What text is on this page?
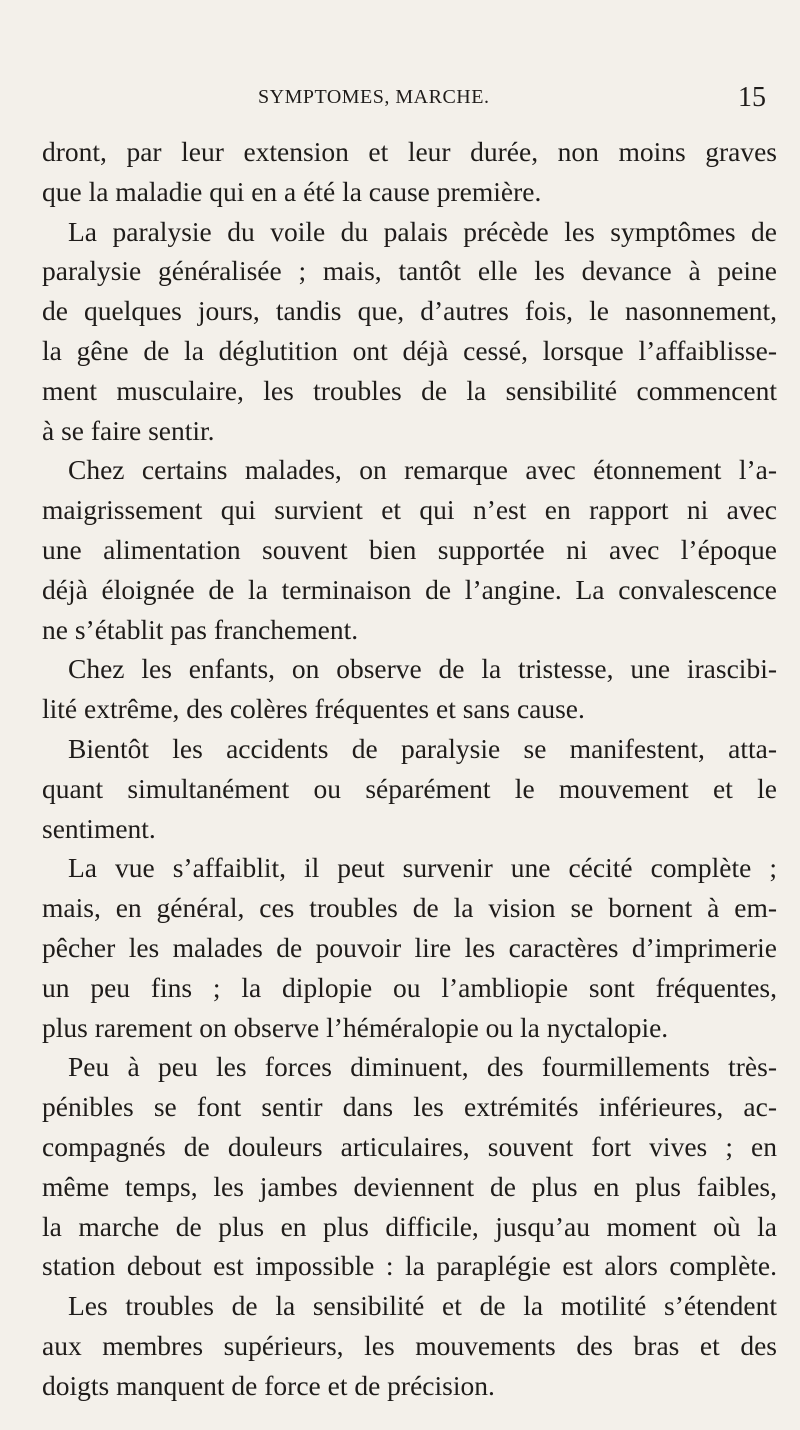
SYMPTOMES, MARCHE.	15
dront, par leur extension et leur durée, non moins graves
que la maladie qui en a été la cause première.
La paralysie du voile du palais précède les symptômes de
paralysie généralisée ; mais, tantôt elle les devance à peine
de quelques jours, tandis que, d’autres fois, le nasonnement,
la gêne de la déglutition ont déjà cessé, lorsque l’affaiblisse-
ment musculaire, les troubles de la sensibilité commencent
à se faire sentir.
Chez certains malades, on remarque avec étonnement l’a-
maigrissement qui survient et qui n’est en rapport ni avec
une alimentation souvent bien supportée ni avec l’époque
déjà éloignée de la terminaison de l’angine. La convalescence
ne s’établit pas franchement.
Chez les enfants, on observe de la tristesse, une irascibi-
lité extrême, des colères fréquentes et sans cause.
Bientôt les accidents de paralysie se manifestent, atta-
quant simultanément ou séparément le mouvement et le
sentiment.
La vue s’affaiblit, il peut survenir une cécité complète ;
mais, en général, ces troubles de la vision se bornent à em-
pêcher les malades de pouvoir lire les caractères d’imprimerie
un peu fins ; la diplopie ou l’ambliopie sont fréquentes,
plus rarement on observe l’héméralopie ou la nyctalopie.
Peu à peu les forces diminuent, des fourmillements très-
pénibles se font sentir dans les extrémités inférieures, ac-
compagnés de douleurs articulaires, souvent fort vives ; en
même temps, les jambes deviennent de plus en plus faibles,
la marche de plus en plus difficile, jusqu’au moment où la
station debout est impossible : la paraplégie est alors complète.
Les troubles de la sensibilité et de la motilité s’étendent
aux membres supérieurs, les mouvements des bras et des
doigts manquent de force et de précision.
